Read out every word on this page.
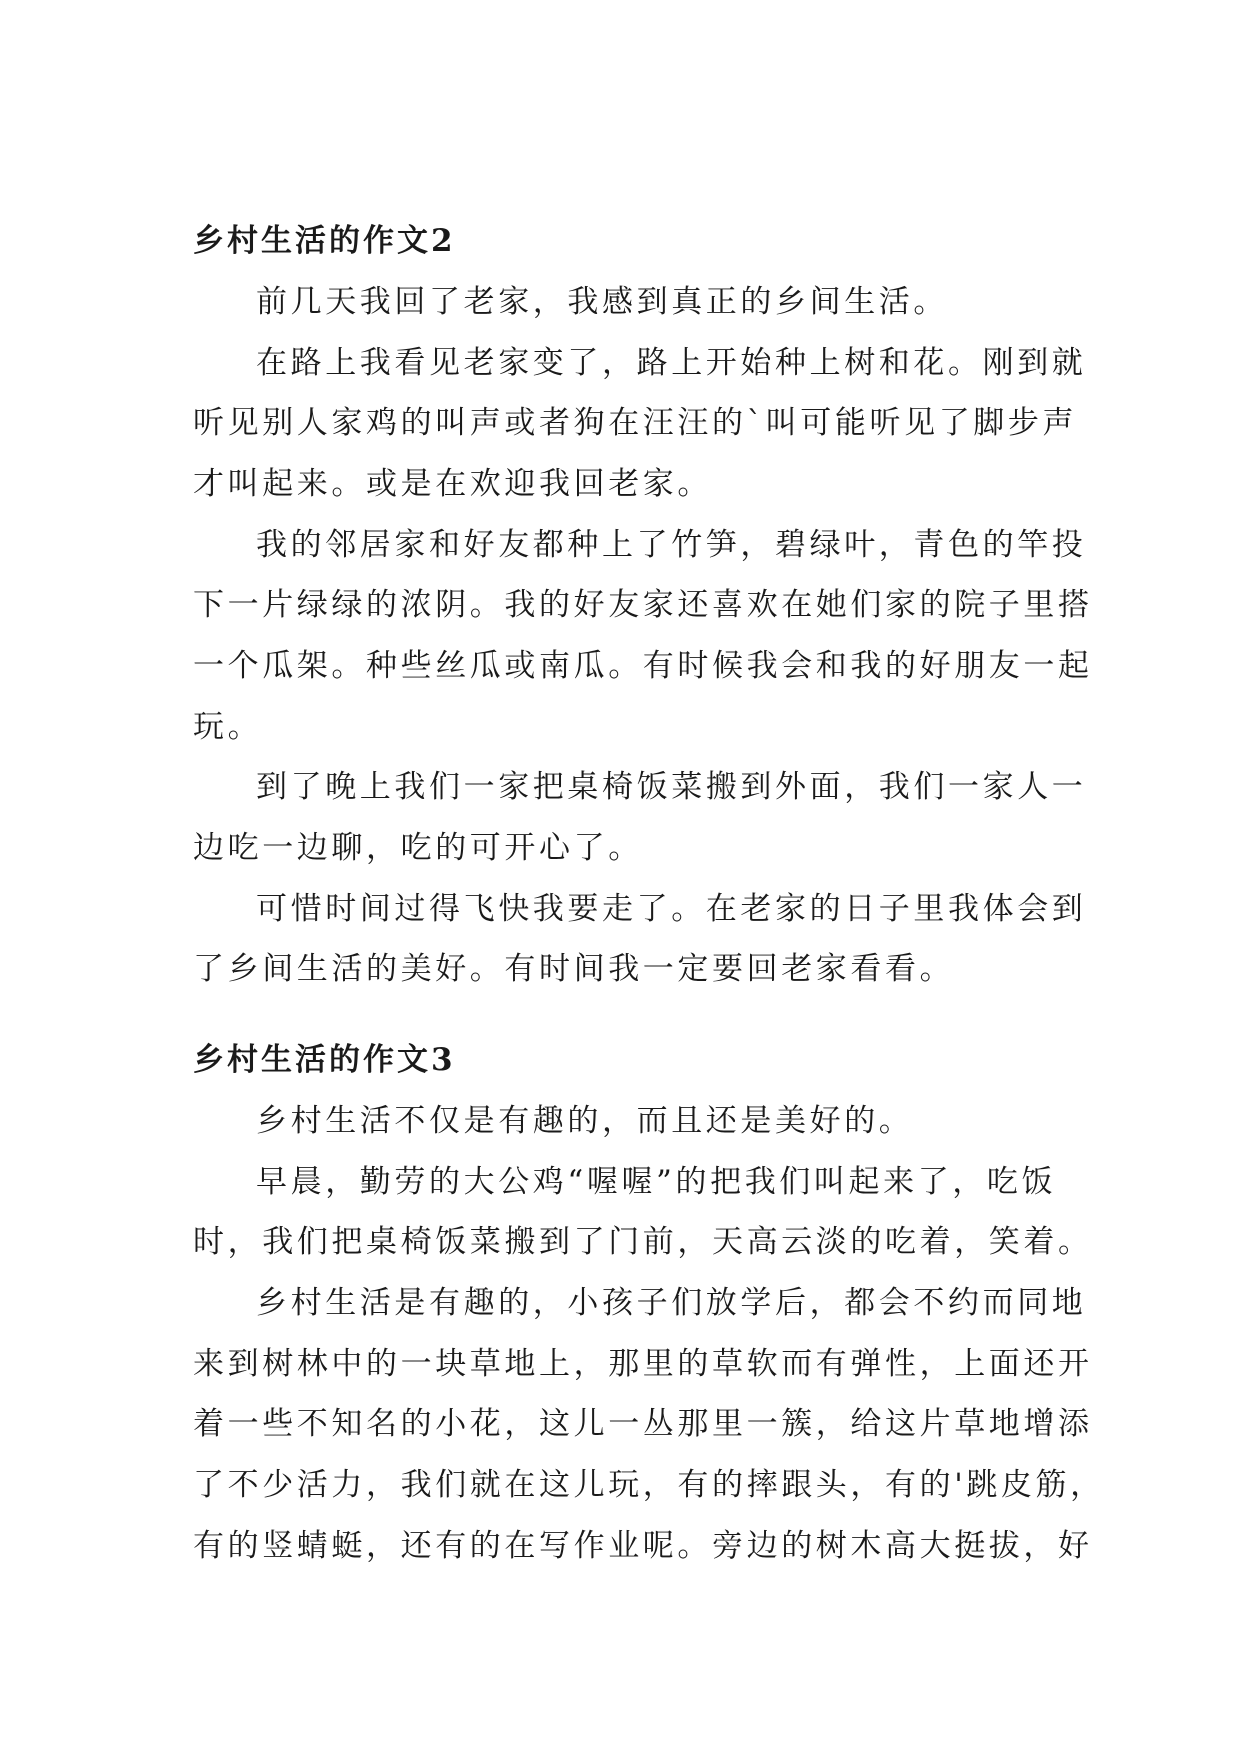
乡村生活的作文2

前几天我回了老家，我感到真正的乡间生活。

在路上我看见老家变了，路上开始种上树和花。刚到就

听见别人家鸡的叫声或者狗在汪汪的`叫可能听见了脚步声

才叫起来。或是在欢迎我回老家。

我的邻居家和好友都种上了竹笋，碧绿叶，青色的竿投

下一片绿绿的浓阴。我的好友家还喜欢在她们家的院子里搭

一个瓜架。种些丝瓜或南瓜。有时候我会和我的好朋友一起

玩。

到了晚上我们一家把桌椅饭菜搬到外面，我们一家人一

边吃一边聊，吃的可开心了。

可惜时间过得飞快我要走了。在老家的日子里我体会到

了乡间生活的美好。有时间我一定要回老家看看。

乡村生活的作文3

乡村生活不仅是有趣的，而且还是美好的。

早晨，勤劳的大公鸡“喔喔”的把我们叫起来了，吃饭

时，我们把桌椅饭菜搬到了门前，天高云淡的吃着，笑着。

乡村生活是有趣的，小孩子们放学后，都会不约而同地

来到树林中的一块草地上，那里的草软而有弹性，上面还开

着一些不知名的小花，这儿一丛那里一簇，给这片草地增添

了不少活力，我们就在这儿玩，有的摔跟头，有的'跳皮筋，

有的竖蜻蜓，还有的在写作业呢。旁边的树木高大挺拔，好
